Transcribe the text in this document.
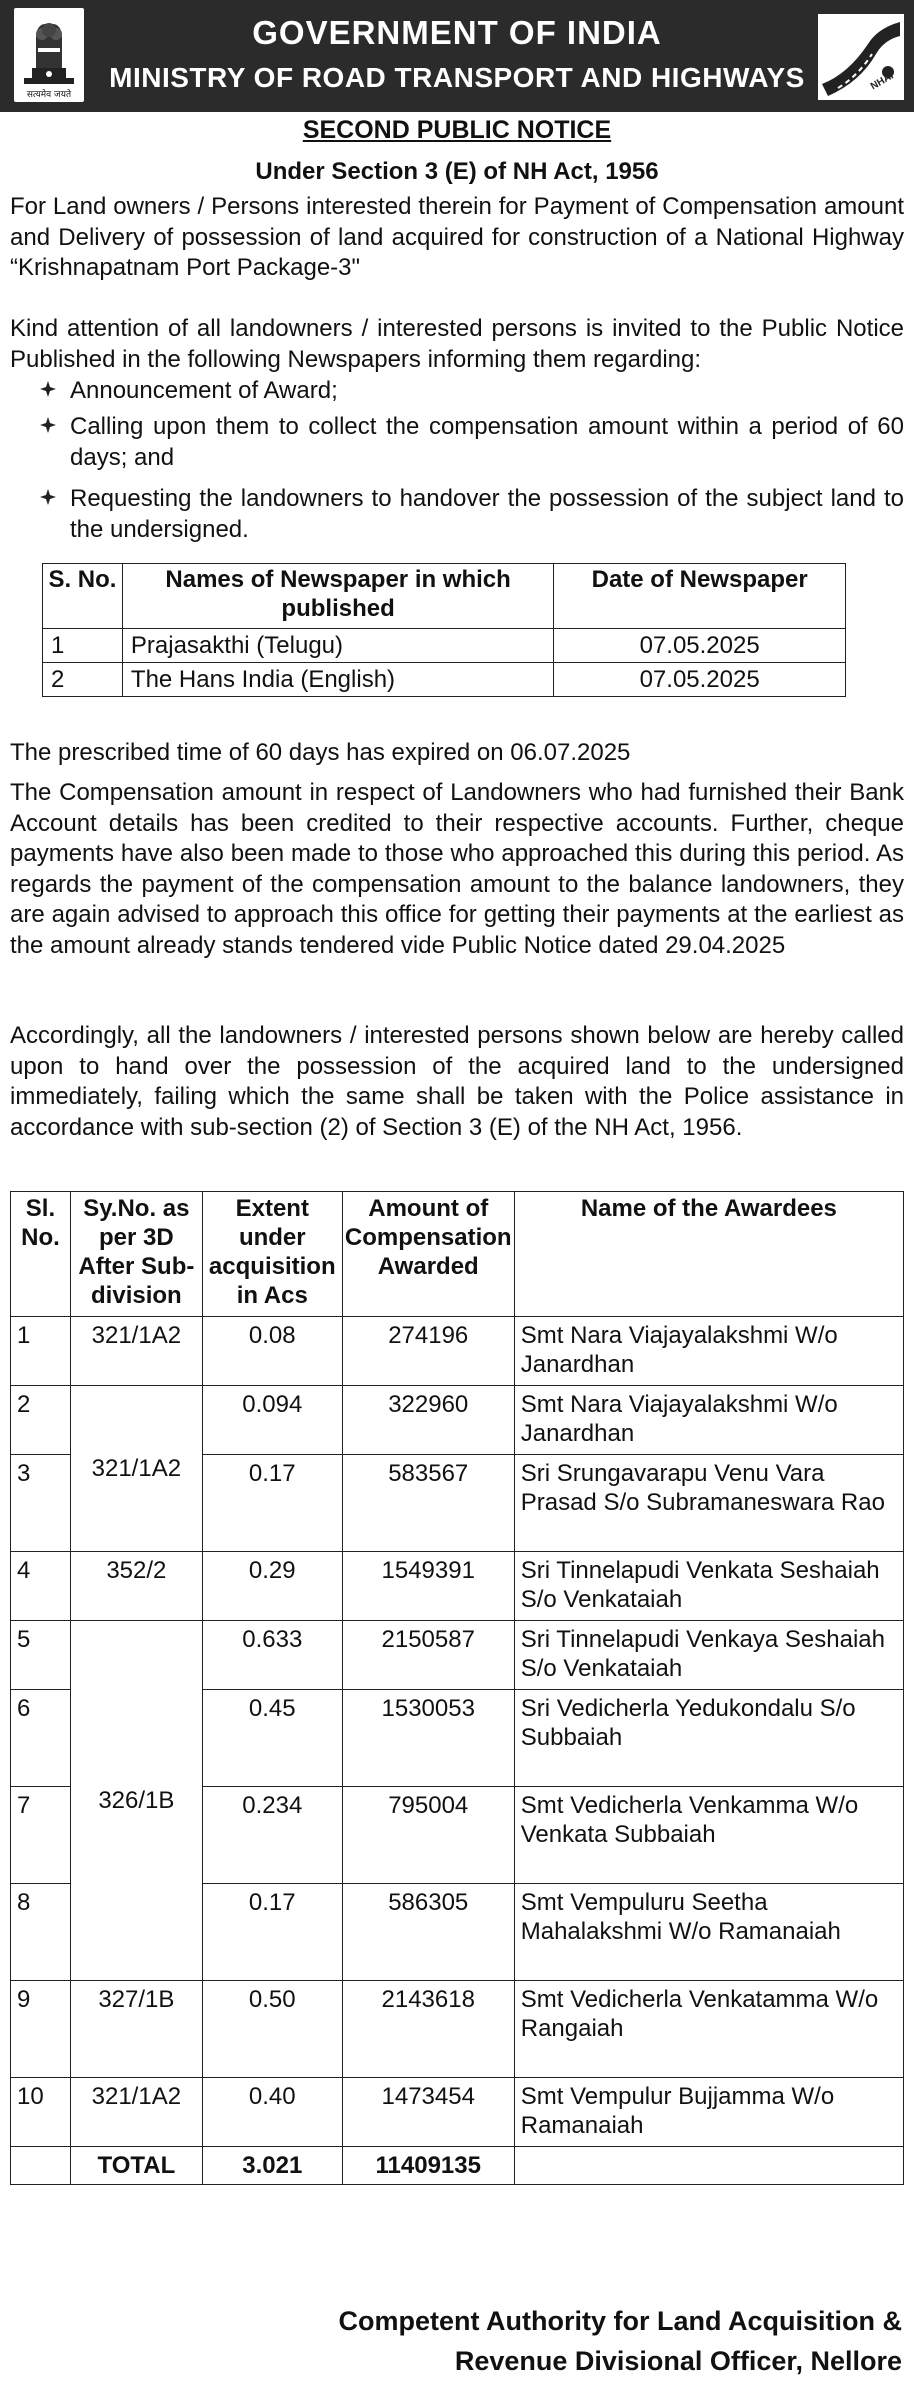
सत्यमेव जयते
GOVERNMENT OF INDIA
MINISTRY OF ROAD TRANSPORT AND HIGHWAYS	NHAI
SECOND PUBLIC NOTICE
Under Section 3 (E) of NH Act, 1956
For Land owners / Persons interested therein for Payment of Compensation amount and Delivery of possession of land acquired for construction of a National Highway “Krishnapatnam Port Package-3"
Kind attention of all landowners / interested persons is invited to the Public Notice Published in the following Newspapers informing them regarding:
Announcement of Award;
Calling upon them to collect the compensation amount within a period of 60 days; and
Requesting the landowners to handover the possession of the subject land to the undersigned.
S. No.	Names of Newspaper in which published	Date of Newspaper
1	Prajasakthi (Telugu)	07.05.2025
2	The Hans India (English)	07.05.2025
The prescribed time of 60 days has expired on 06.07.2025
The Compensation amount in respect of Landowners who had furnished their Bank Account details has been credited to their respective accounts. Further, cheque payments have also been made to those who approached this during this period. As regards the payment of the compensation amount to the balance landowners, they are again advised to approach this office for getting their payments at the earliest as the amount already stands tendered vide Public Notice dated 29.04.2025
Accordingly, all the landowners / interested persons shown below are hereby called upon to hand over the possession of the acquired land to the undersigned immediately, failing which the same shall be taken with the Police assistance in accordance with sub-section (2) of Section 3 (E) of the NH Act, 1956.
Sl. No.	Sy.No. as per 3D After Sub-division	Extent under acquisition in Acs	Amount of Compensation Awarded	Name of the Awardees
1	321/1A2	0.08	274196	Smt Nara Viajayalakshmi W/o Janardhan
2	321/1A2	0.094	322960	Smt Nara Viajayalakshmi W/o Janardhan
3		0.17	583567	Sri Srungavarapu Venu Vara Prasad S/o Subramaneswara Rao
4	352/2	0.29	1549391	Sri Tinnelapudi Venkata Seshaiah S/o Venkataiah
5	326/1B	0.633	2150587	Sri Tinnelapudi Venkaya Seshaiah S/o Venkataiah
6		0.45	1530053	Sri Vedicherla Yedukondalu S/o Subbaiah
7		0.234	795004	Smt Vedicherla Venkamma W/o Venkata Subbaiah
8		0.17	586305	Smt Vempuluru Seetha Mahalakshmi W/o Ramanaiah
9	327/1B	0.50	2143618	Smt Vedicherla Venkatamma W/o Rangaiah
10	321/1A2	0.40	1473454	Smt Vempulur Bujjamma W/o Ramanaiah
	TOTAL	3.021	11409135	
Competent Authority for Land Acquisition &
Revenue Divisional Officer, Nellore
